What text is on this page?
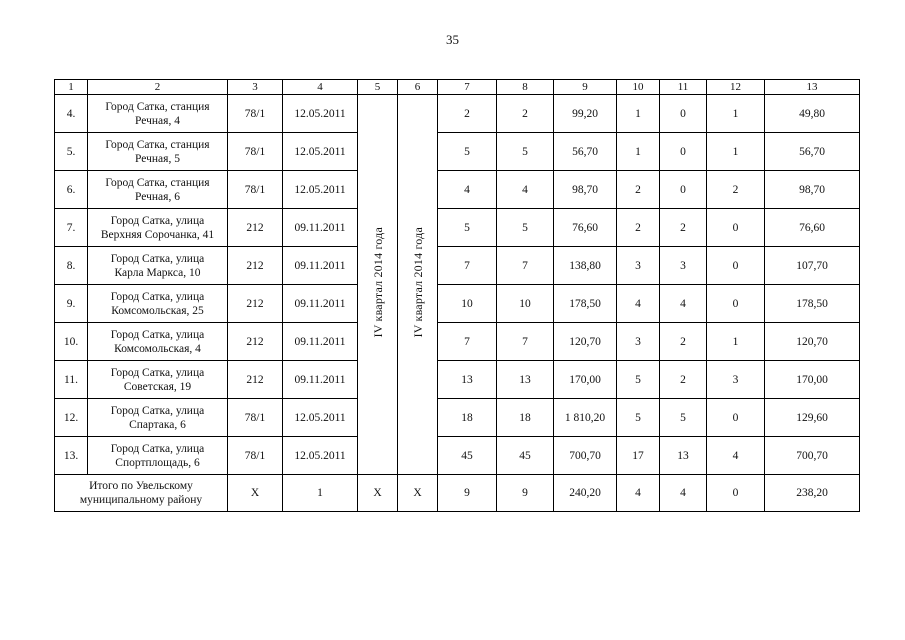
35
1	2	3	4	5	6	7	8	9	10	11	12	13
4.	Город Сатка, станция
Речная, 4	78/1	12.05.2011	IV квартал 2014 года	IV квартал 2014 года	2	2	99,20	1	0	1	49,80
5.	Город Сатка, станция
Речная, 5	78/1	12.05.2011			5	5	56,70	1	0	1	56,70
6.	Город Сатка, станция
Речная, 6	78/1	12.05.2011			4	4	98,70	2	0	2	98,70
7.	Город Сатка, улица
Верхняя Сорочанка, 41	212	09.11.2011			5	5	76,60	2	2	0	76,60
8.	Город Сатка, улица
Карла Маркса, 10	212	09.11.2011			7	7	138,80	3	3	0	107,70
9.	Город Сатка, улица
Комсомольская, 25	212	09.11.2011			10	10	178,50	4	4	0	178,50
10.	Город Сатка, улица
Комсомольская, 4	212	09.11.2011			7	7	120,70	3	2	1	120,70
11.	Город Сатка, улица
Советская, 19	212	09.11.2011			13	13	170,00	5	2	3	170,00
12.	Город Сатка, улица
Спартака, 6	78/1	12.05.2011			18	18	1 810,20	5	5	0	129,60
13.	Город Сатка, улица
Спортплощадь, 6	78/1	12.05.2011			45	45	700,70	17	13	4	700,70

Итого по Увельскому
муниципальному району		X	1	X	X	9	9	240,20	4	4	0	238,20
